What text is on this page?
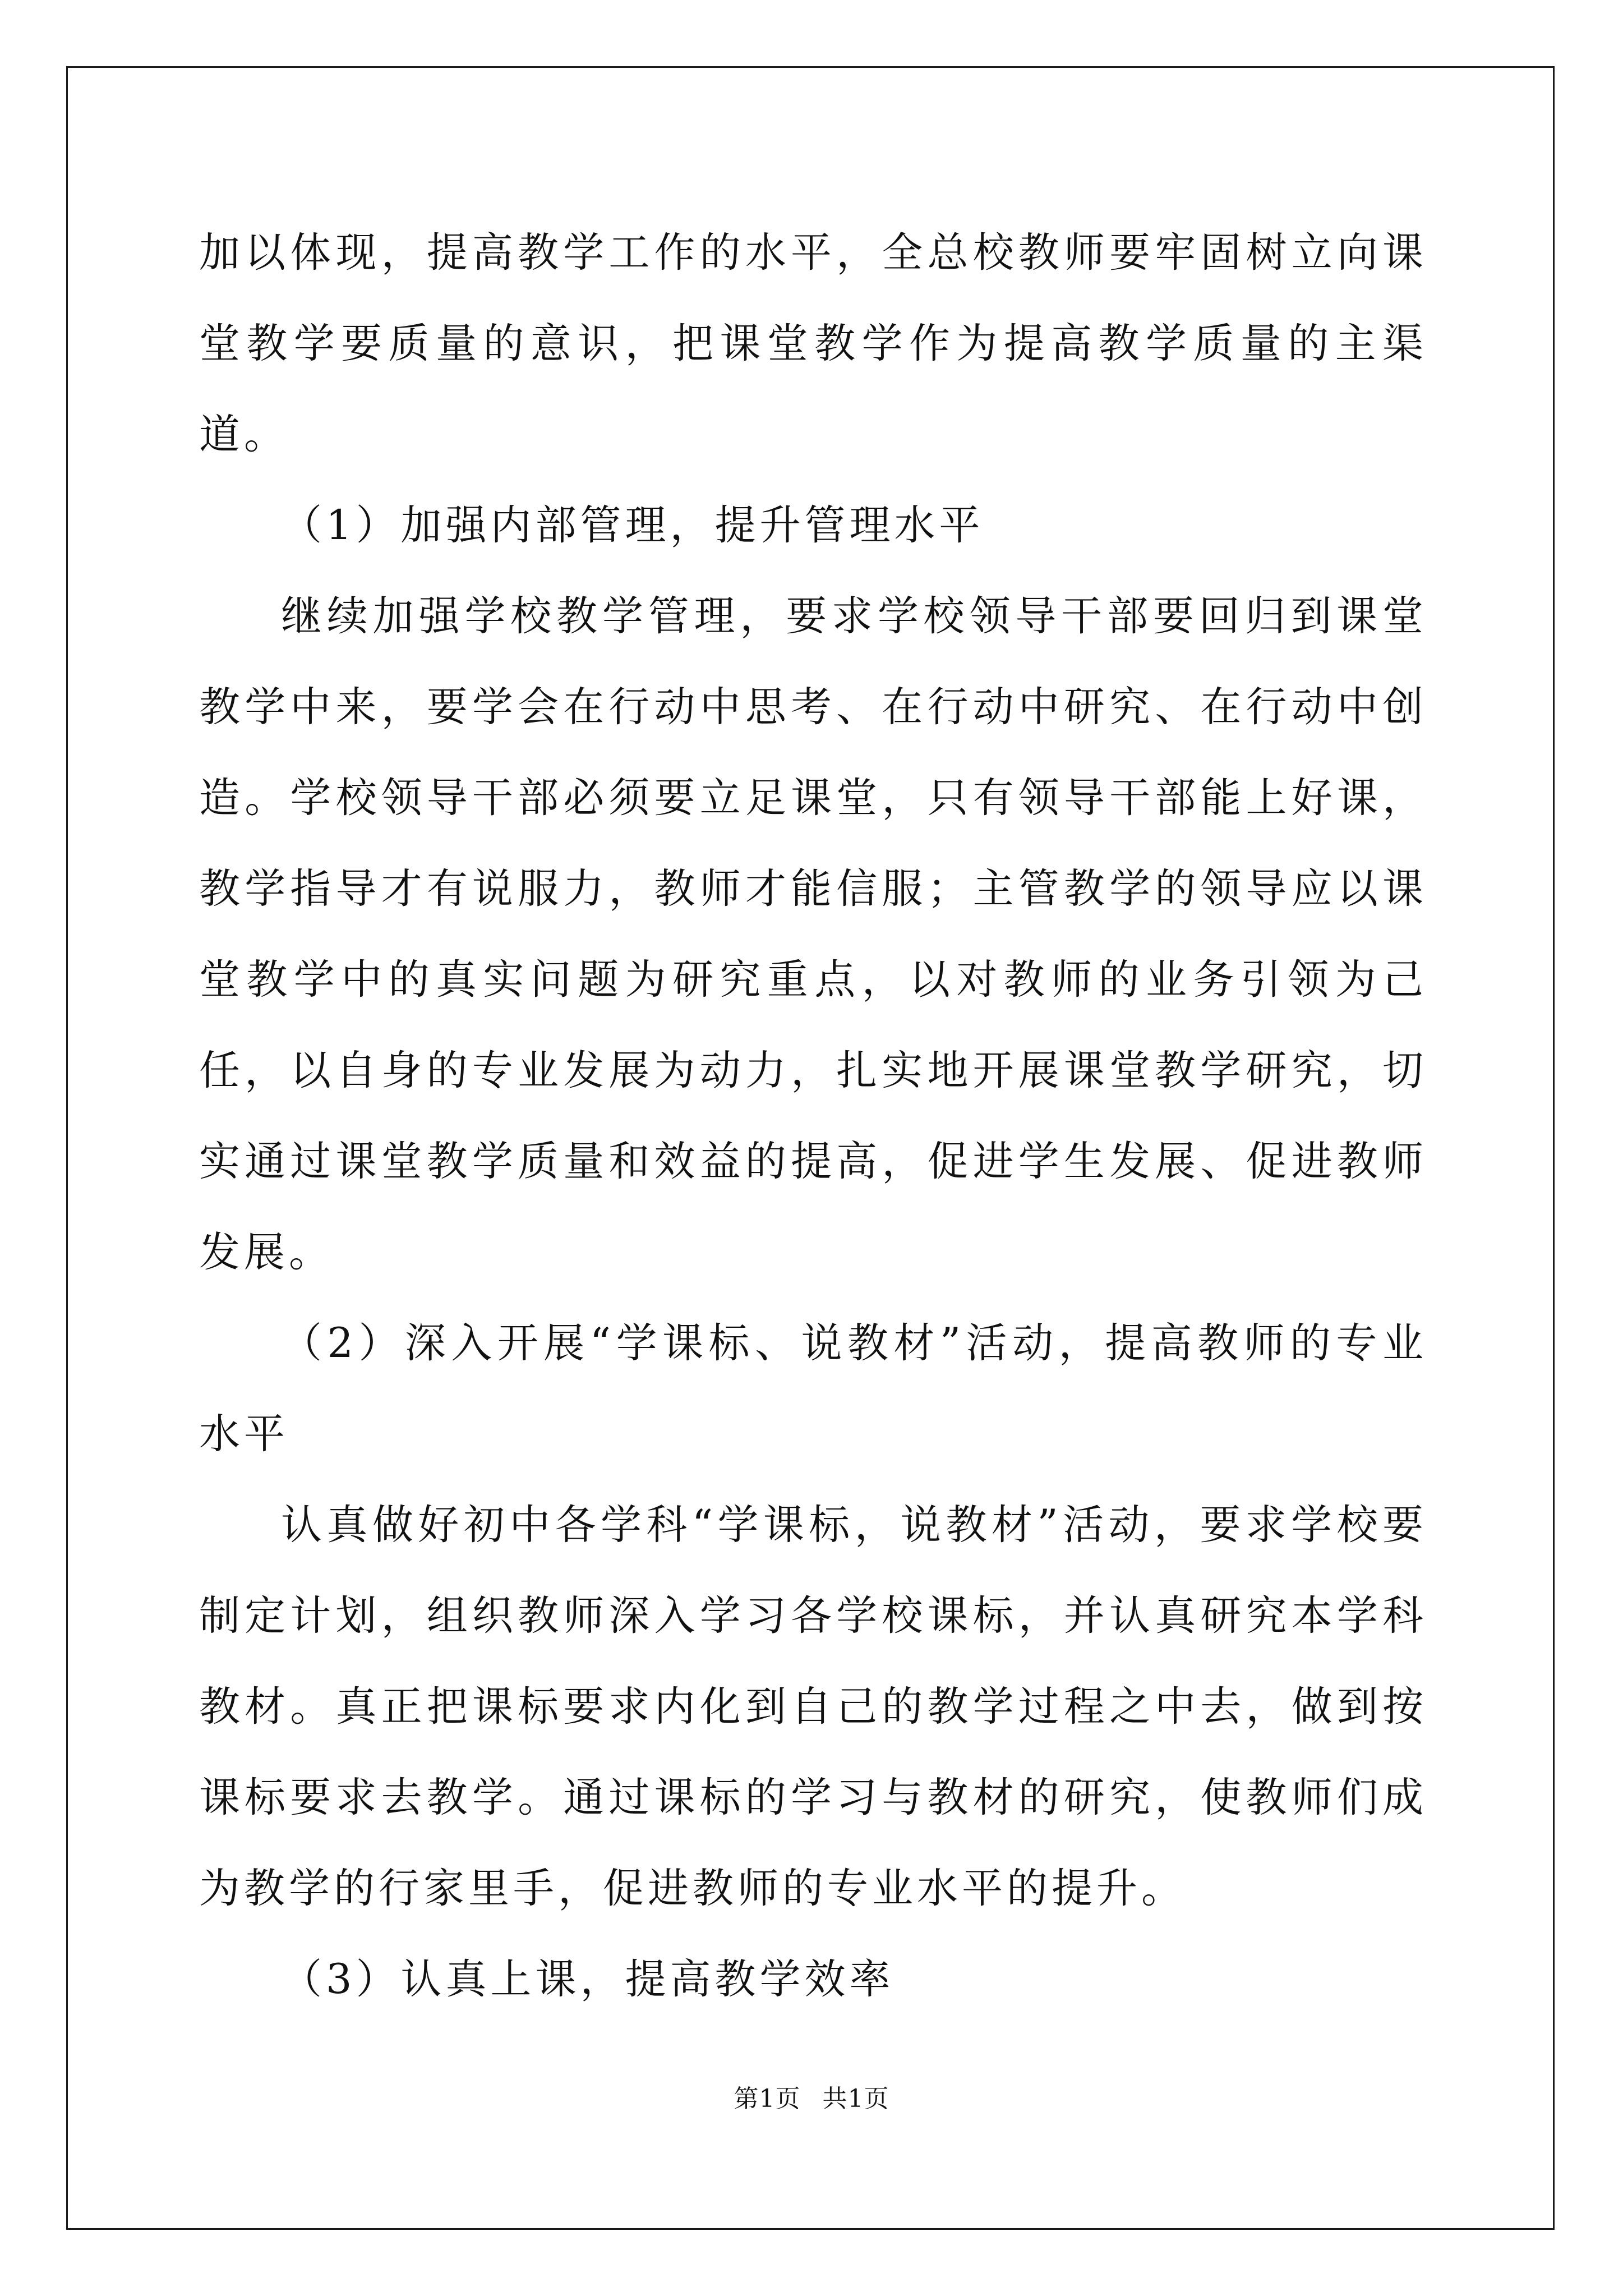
加以体现，提高教学工作的水平，全总校教师要牢固树立向课堂教学要质量的意识，把课堂教学作为提高教学质量的主渠道。

（1）加强内部管理，提升管理水平

继续加强学校教学管理，要求学校领导干部要回归到课堂教学中来，要学会在行动中思考、在行动中研究、在行动中创造。学校领导干部必须要立足课堂，只有领导干部能上好课，教学指导才有说服力，教师才能信服；主管教学的领导应以课堂教学中的真实问题为研究重点，以对教师的业务引领为己任，以自身的专业发展为动力，扎实地开展课堂教学研究，切实通过课堂教学质量和效益的提高，促进学生发展、促进教师发展。

（2）深入开展“学课标、说教材”活动，提高教师的专业水平

认真做好初中各学科“学课标，说教材”活动，要求学校要制定计划，组织教师深入学习各学校课标，并认真研究本学科教材。真正把课标要求内化到自己的教学过程之中去，做到按课标要求去教学。通过课标的学习与教材的研究，使教师们成为教学的行家里手，促进教师的专业水平的提升。

（3）认真上课，提高教学效率

第1页 共1页
